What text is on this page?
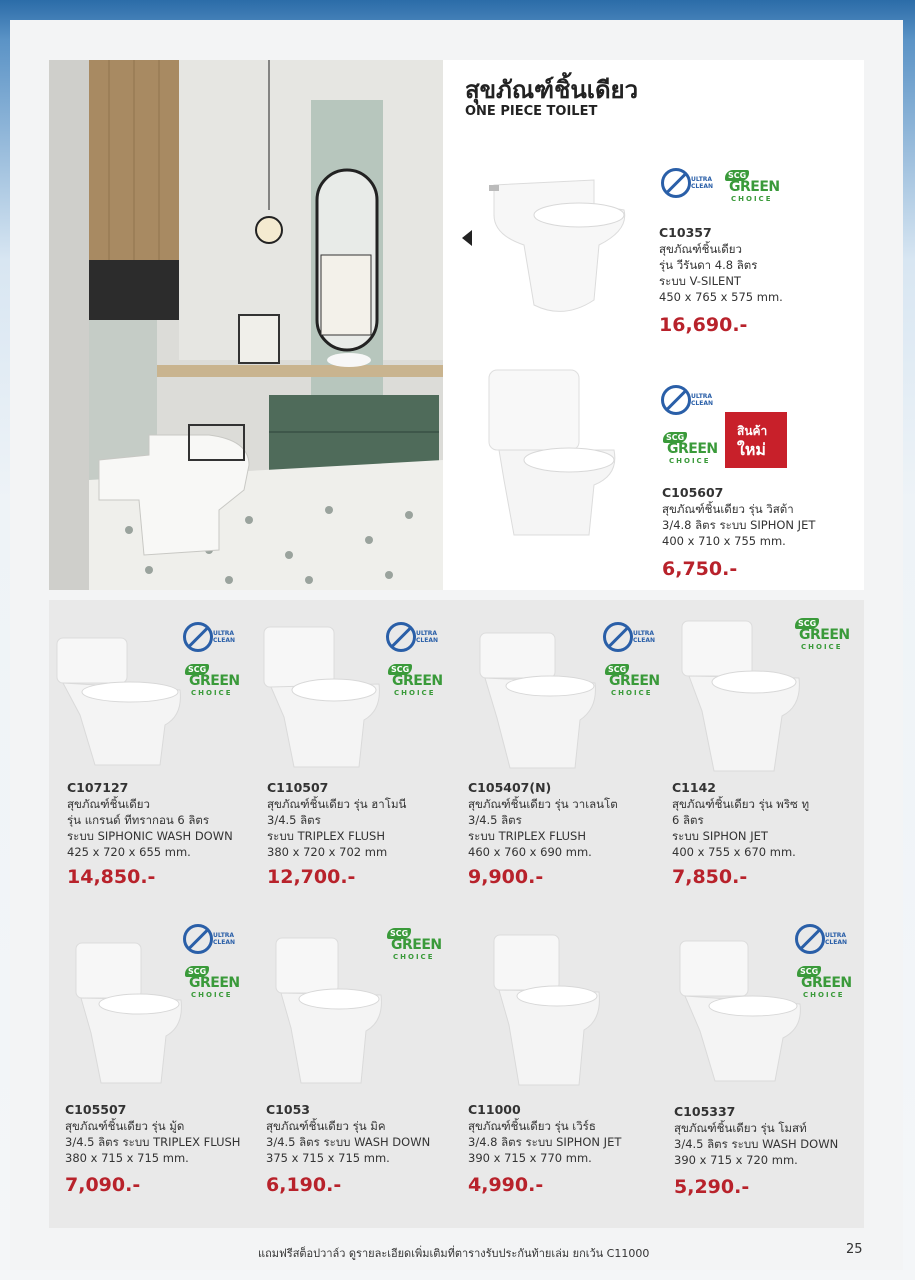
สุขภัณฑ์ชิ้นเดียว
ONE PIECE TOILET
ULTRA
CLEAN
SCG
GREEN
CHOICE
C10357
สุขภัณฑ์ชิ้นเดียว
รุ่น วีรันดา 4.8 ลิตร
ระบบ V-SILENT
450 x 765 x 575 mm.
16,690.-
ULTRA
CLEAN
SCG
GREEN
CHOICE
สินค้า
ใหม่
C105607
สุขภัณฑ์ชิ้นเดียว รุ่น วิสต้า
3/4.8 ลิตร ระบบ SIPHON JET
400 x 710 x 755 mm.
6,750.-
ULTRA
CLEAN
SCG
GREEN
CHOICE
C107127
สุขภัณฑ์ชิ้นเดียว
รุ่น แกรนด์ ทีทรากอน 6 ลิตร
ระบบ SIPHONIC WASH DOWN
425 x 720 x 655 mm.
14,850.-
ULTRA
CLEAN
SCG
GREEN
CHOICE
C110507
สุขภัณฑ์ชิ้นเดียว รุ่น ฮาโมนี
3/4.5 ลิตร
ระบบ TRIPLEX FLUSH
380 x 720 x 702 mm
12,700.-
ULTRA
CLEAN
SCG
GREEN
CHOICE
C105407(N)
สุขภัณฑ์ชิ้นเดียว รุ่น วาเลนโต
3/4.5 ลิตร
ระบบ TRIPLEX FLUSH
460 x 760 x 690 mm.
9,900.-
SCG
GREEN
CHOICE
C1142
สุขภัณฑ์ชิ้นเดียว รุ่น พริซ ทู
6 ลิตร
ระบบ SIPHON JET
400 x 755 x 670 mm.
7,850.-
ULTRA
CLEAN
SCG
GREEN
CHOICE
C105507
สุขภัณฑ์ชิ้นเดียว รุ่น มู้ด
3/4.5 ลิตร ระบบ TRIPLEX FLUSH
380 x 715 x 715 mm.
7,090.-
SCG
GREEN
CHOICE
C1053
สุขภัณฑ์ชิ้นเดียว รุ่น มิค
3/4.5 ลิตร ระบบ WASH DOWN
375 x 715 x 715 mm.
6,190.-
C11000
สุขภัณฑ์ชิ้นเดียว รุ่น เวิร์ธ
3/4.8 ลิตร ระบบ SIPHON JET
390 x 715 x 770 mm.
4,990.-
ULTRA
CLEAN
SCG
GREEN
CHOICE
C105337
สุขภัณฑ์ชิ้นเดียว รุ่น โมสท์
3/4.5 ลิตร ระบบ WASH DOWN
390 x 715 x 720 mm.
5,290.-
แถมฟรีสต็อปวาล์ว ดูรายละเอียดเพิ่มเติมที่ตารางรับประกันท้ายเล่ม ยกเว้น C11000	25
